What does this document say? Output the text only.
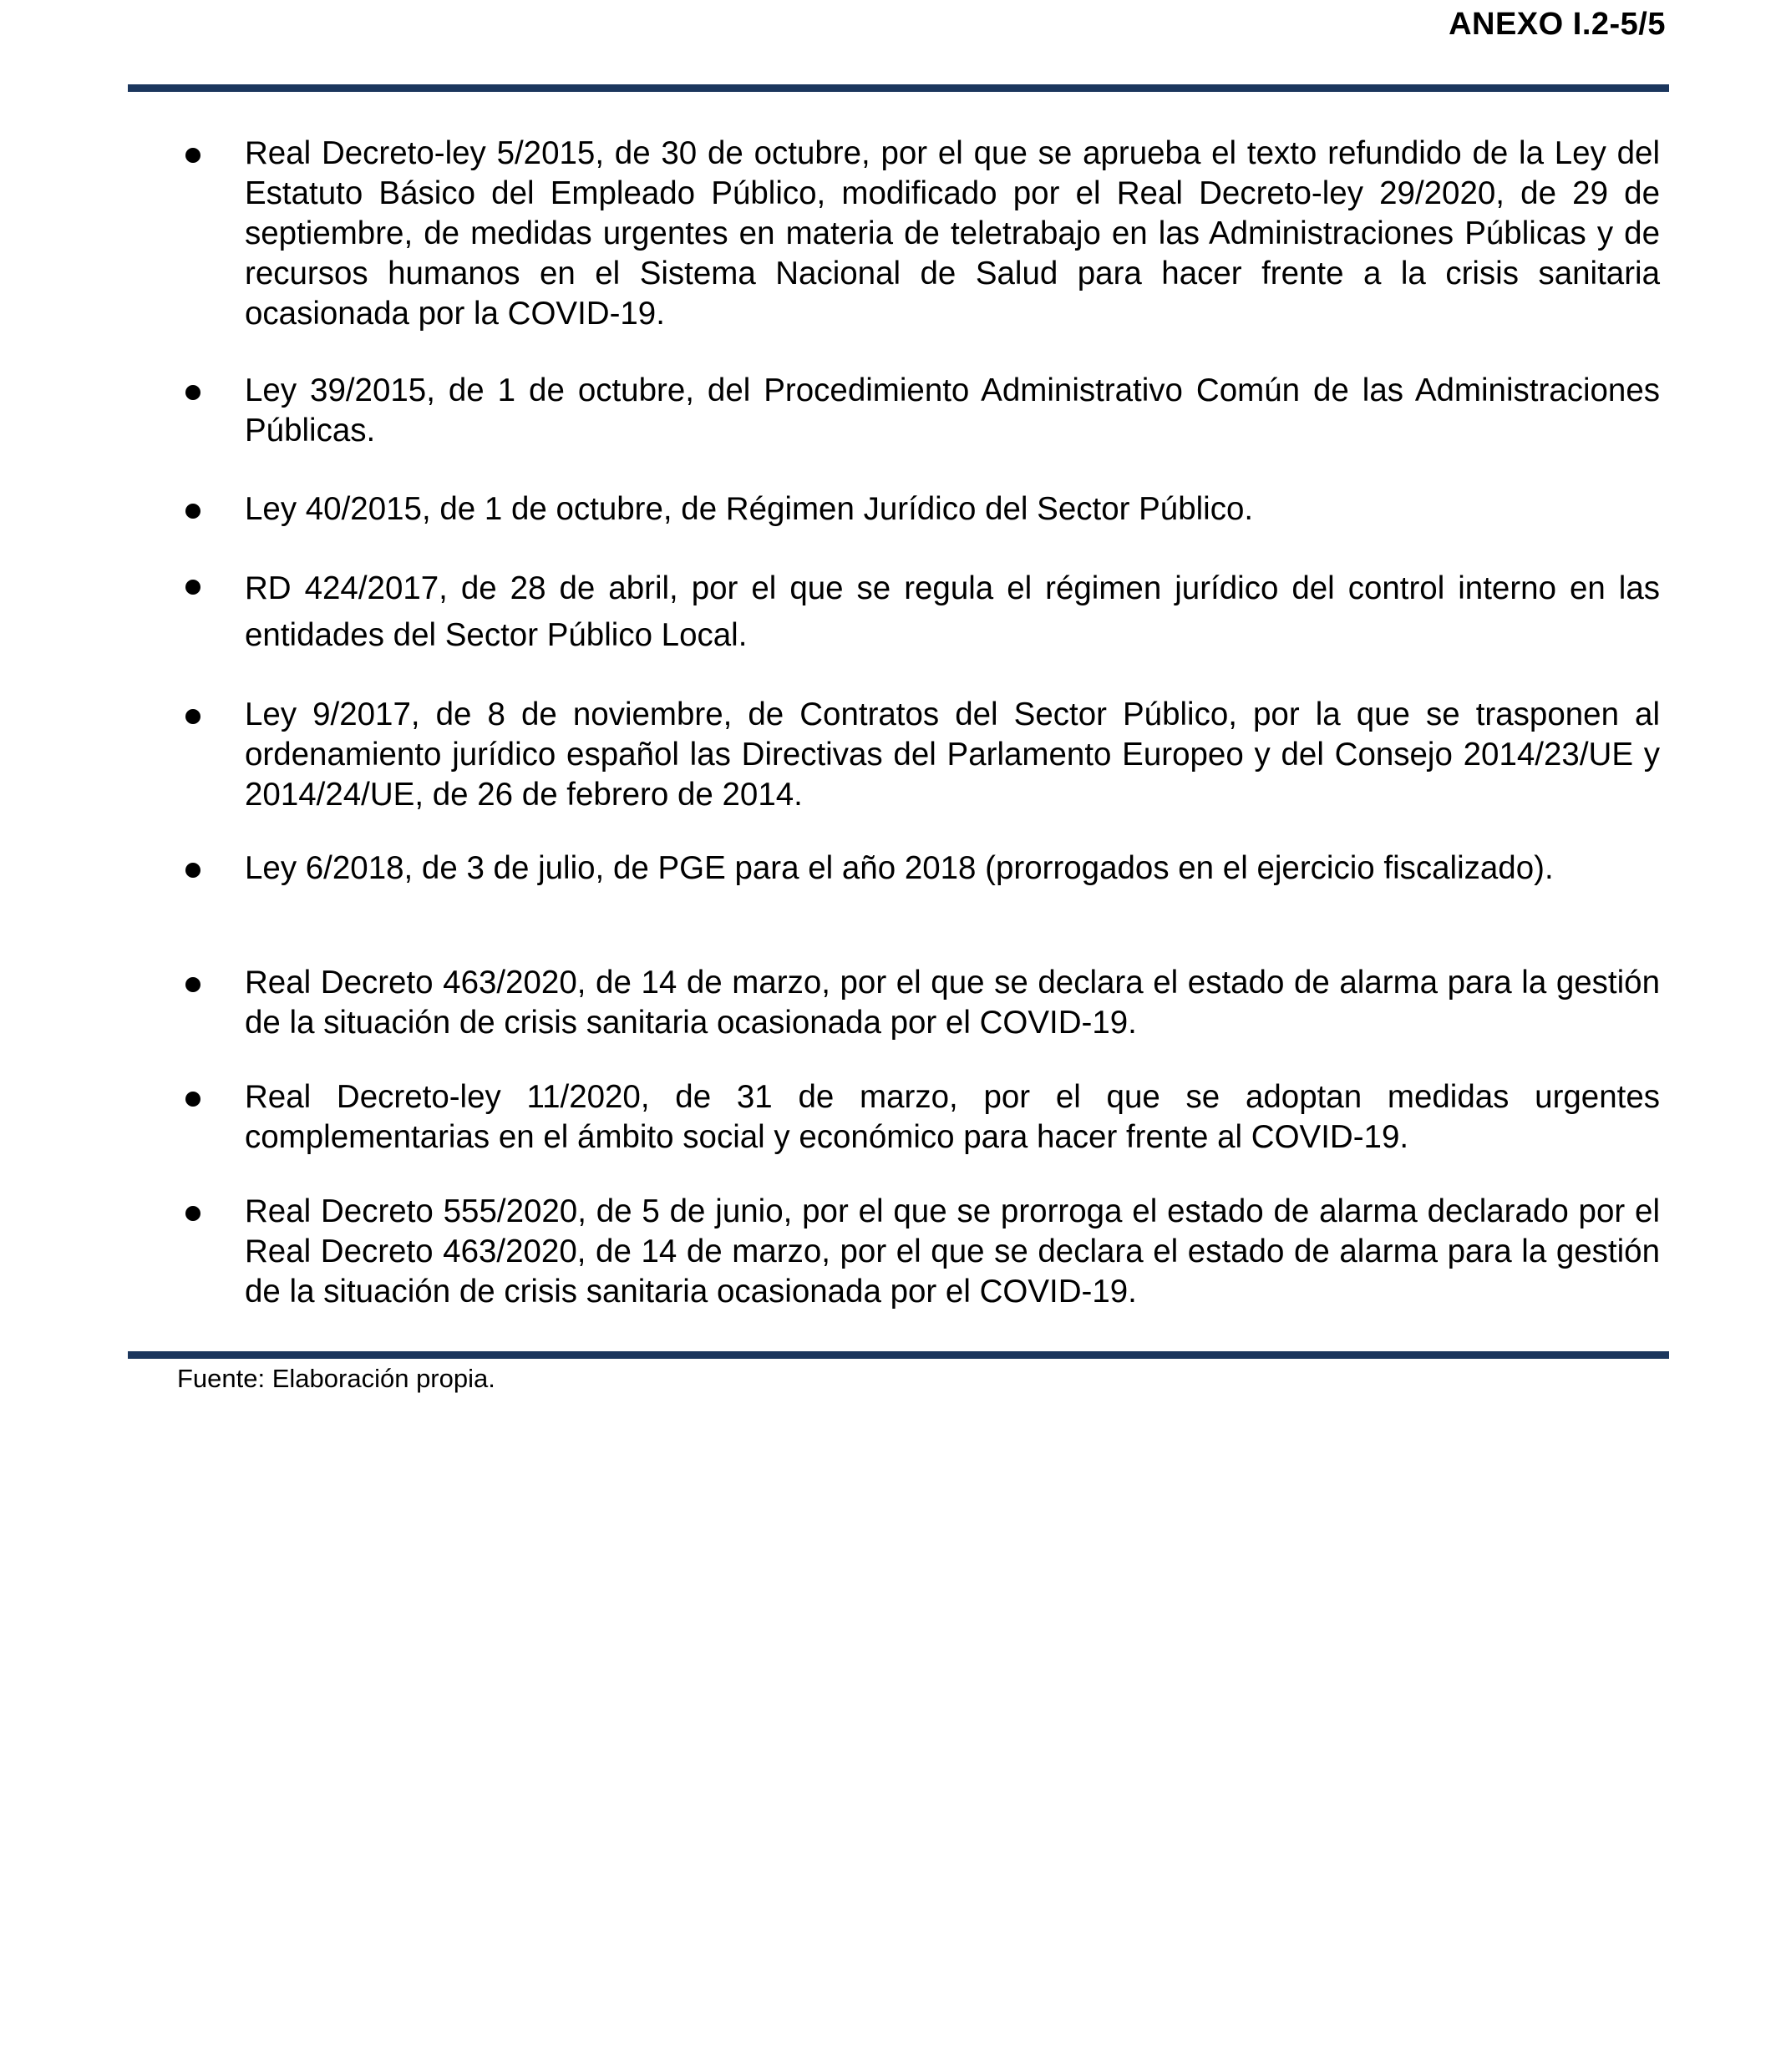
ANEXO I.2-5/5
Real Decreto-ley 5/2015, de 30 de octubre, por el que se aprueba el texto refundido de la Ley del Estatuto Básico del Empleado Público, modificado por el Real Decreto-ley 29/2020, de 29 de septiembre, de medidas urgentes en materia de teletrabajo en las Administraciones Públicas y de recursos humanos en el Sistema Nacional de Salud para hacer frente a la crisis sanitaria ocasionada por la COVID-19.
Ley 39/2015, de 1 de octubre, del Procedimiento Administrativo Común de las Administraciones Públicas.
Ley 40/2015, de 1 de octubre, de Régimen Jurídico del Sector Público.
RD 424/2017, de 28 de abril, por el que se regula el régimen jurídico del control interno en las entidades del Sector Público Local.
Ley 9/2017, de 8 de noviembre, de Contratos del Sector Público, por la que se trasponen al ordenamiento jurídico español las Directivas del Parlamento Europeo y del Consejo 2014/23/UE y 2014/24/UE, de 26 de febrero de 2014.
Ley 6/2018, de 3 de julio, de PGE para el año 2018 (prorrogados en el ejercicio fiscalizado).
Real Decreto 463/2020, de 14 de marzo, por el que se declara el estado de alarma para la gestión de la situación de crisis sanitaria ocasionada por el COVID-19.
Real Decreto-ley 11/2020, de 31 de marzo, por el que se adoptan medidas urgentes complementarias en el ámbito social y económico para hacer frente al COVID-19.
Real Decreto 555/2020, de 5 de junio, por el que se prorroga el estado de alarma declarado por el Real Decreto 463/2020, de 14 de marzo, por el que se declara el estado de alarma para la gestión de la situación de crisis sanitaria ocasionada por el COVID-19.
Fuente: Elaboración propia.
